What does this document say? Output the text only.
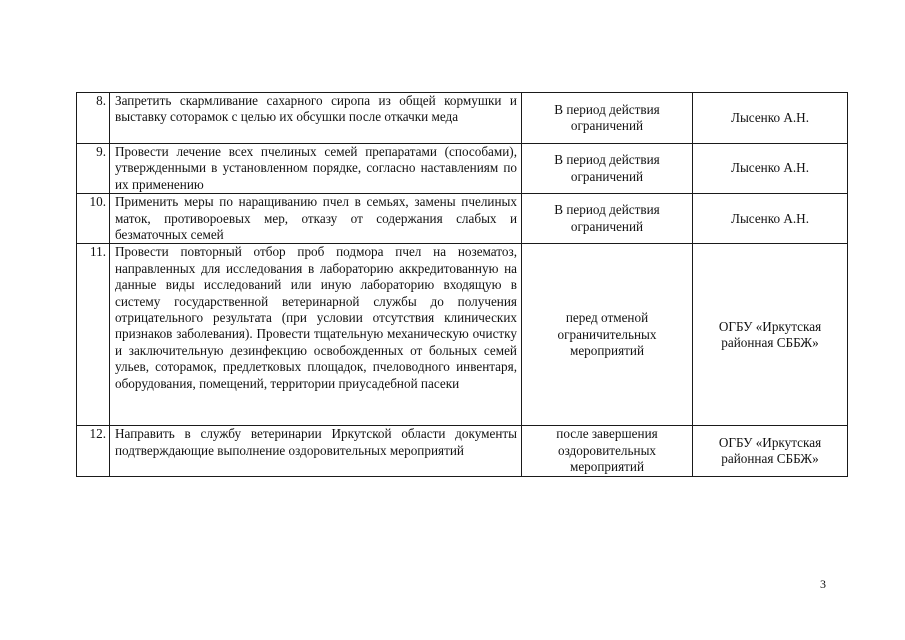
8.	Запретить скармливание сахарного сиропа из общей кормушки и выставку соторамок с целью их обсушки после откачки меда	В период действия ограничений	Лысенко А.Н.
9.	Провести лечение всех пчелиных семей препаратами (способами), утвержденными в установленном порядке, согласно наставлениям по их применению	В период действия ограничений	Лысенко А.Н.
10.	Применить меры по наращиванию пчел в семьях, замены пчелиных маток, противороевых мер, отказу от содержания слабых и безматочных семей	В период действия ограничений	Лысенко А.Н.
11.	Провести повторный отбор проб подмора пчел на нозематоз, направленных для исследования в лабораторию аккредитованную на данные виды исследований или иную лабораторию входящую в систему государственной ветеринарной службы до получения отрицательного результата (при условии отсутствия клинических признаков заболевания). Провести тщательную механическую очистку и заключительную дезинфекцию освобожденных от больных семей ульев, соторамок, предлетковых площадок, пчеловодного инвентаря, оборудования, помещений, территории приусадебной пасеки	перед отменой ограничительных мероприятий	ОГБУ «Иркутская районная СББЖ»
12.	Направить в службу ветеринарии Иркутской области документы подтверждающие выполнение оздоровительных мероприятий	после завершения оздоровительных мероприятий	ОГБУ «Иркутская районная СББЖ»
3
